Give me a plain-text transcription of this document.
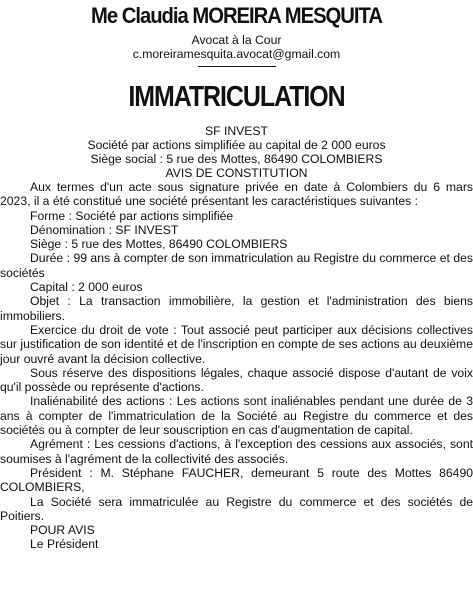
Me Claudia MOREIRA MESQUITA
Avocat à la Cour
c.moreiramesquita.avocat@gmail.com
IMMATRICULATION
SF INVEST
Société par actions simplifiée au capital de 2 000 euros
Siège social : 5 rue des Mottes, 86490 COLOMBIERS
AVIS DE CONSTITUTION

Aux termes d'un acte sous signature privée en date à Colombiers du 6 mars 2023, il a été constitué une société présentant les caractéristiques suivantes :

Forme : Société par actions simplifiée

Dénomination : SF INVEST

Siège : 5 rue des Mottes, 86490 COLOMBIERS

Durée : 99 ans à compter de son immatriculation au Registre du commerce et des sociétés

Capital : 2 000 euros

Objet : La transaction immobilière, la gestion et l'administration des biens immobiliers.

Exercice du droit de vote : Tout associé peut participer aux décisions collectives sur justification de son identité et de l'inscription en compte de ses actions au deuxième jour ouvré avant la décision collective.

Sous réserve des dispositions légales, chaque associé dispose d'autant de voix qu'il possède ou représente d'actions.

Inaliénabilité des actions : Les actions sont inaliénables pendant une durée de 3 ans à compter de l'immatriculation de la Société au Registre du commerce et des sociétés ou à compter de leur souscription en cas d'augmentation de capital.

Agrément : Les cessions d'actions, à l'exception des cessions aux associés, sont soumises à l'agrément de la collectivité des associés.

Président : M. Stéphane FAUCHER, demeurant 5 route des Mottes 86490 COLOMBIERS,

La Société sera immatriculée au Registre du commerce et des sociétés de Poitiers.

POUR AVIS

Le Président
